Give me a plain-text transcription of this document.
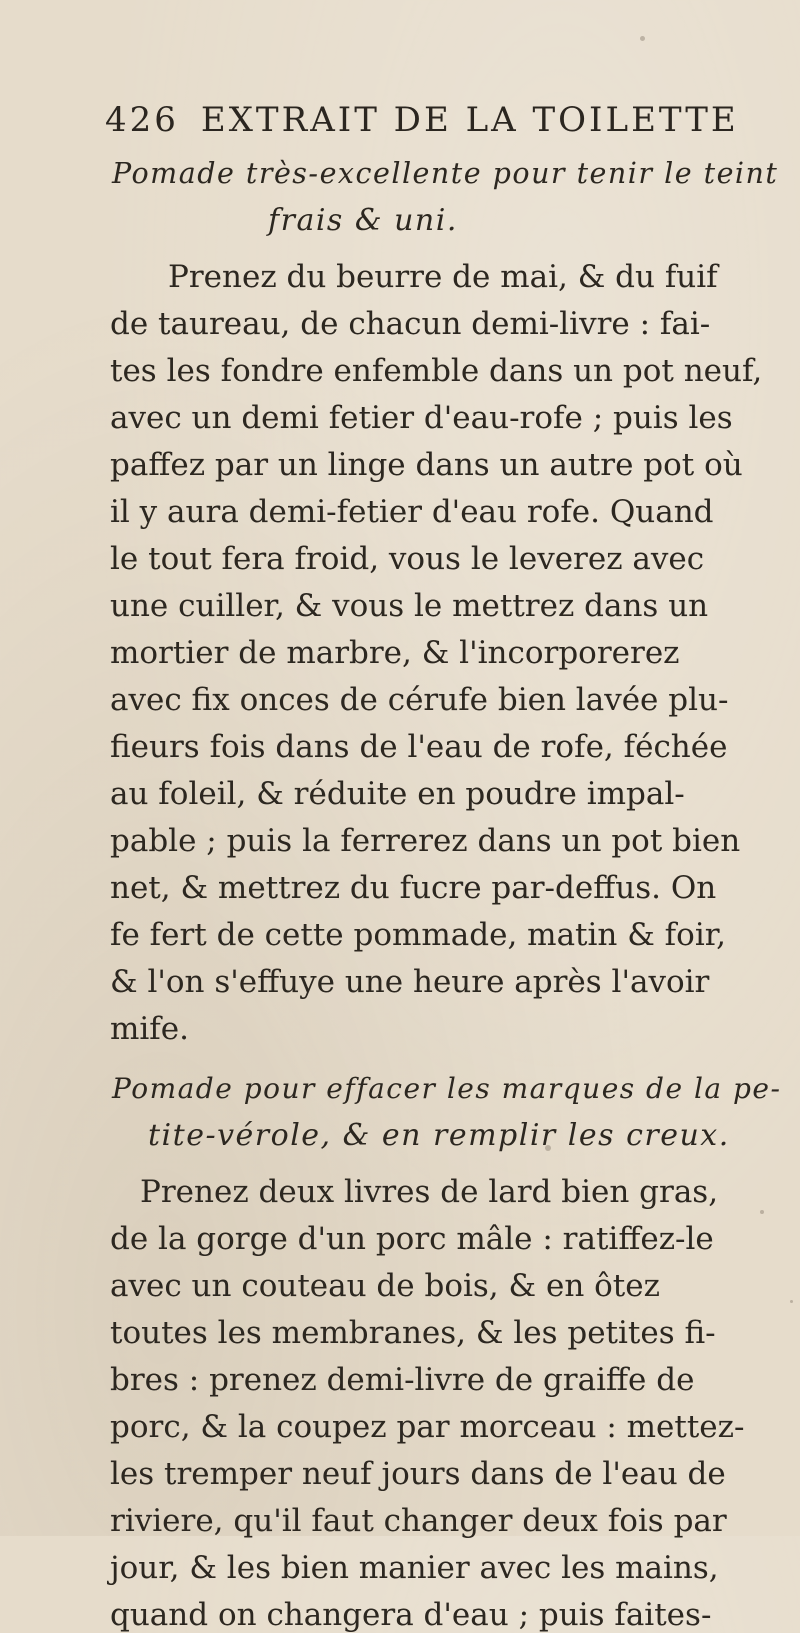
426 EXTRAIT DE LA TOILETTE
Pomade très-excellente pour tenir le teint
frais & uni.
Prenez du beurre de mai, & du fuif
de taureau, de chacun demi-livre : fai-
tes les fondre enfemble dans un pot neuf,
avec un demi fetier d'eau-rofe ; puis les
paffez par un linge dans un autre pot où
il y aura demi-fetier d'eau rofe. Quand
le tout fera froid, vous le leverez avec
une cuiller, & vous le mettrez dans un
mortier de marbre, & l'incorporerez
avec fix onces de cérufe bien lavée plu-
fieurs fois dans de l'eau de rofe, féchée
au foleil, & réduite en poudre impal-
pable ; puis la ferrerez dans un pot bien
net, & mettrez du fucre par-deffus. On
fe fert de cette pommade, matin & foir,
& l'on s'effuye une heure après l'avoir
mife.
Pomade pour effacer les marques de la pe-
tite-vérole, & en remplir les creux.
Prenez deux livres de lard bien gras,
de la gorge d'un porc mâle : ratiffez-le
avec un couteau de bois, & en ôtez
toutes les membranes, & les petites fi-
bres : prenez demi-livre de graiffe de
porc, & la coupez par morceau : mettez-
les tremper neuf jours dans de l'eau de
riviere, qu'il faut changer deux fois par
jour, & les bien manier avec les mains,
quand on changera d'eau ; puis faites-
